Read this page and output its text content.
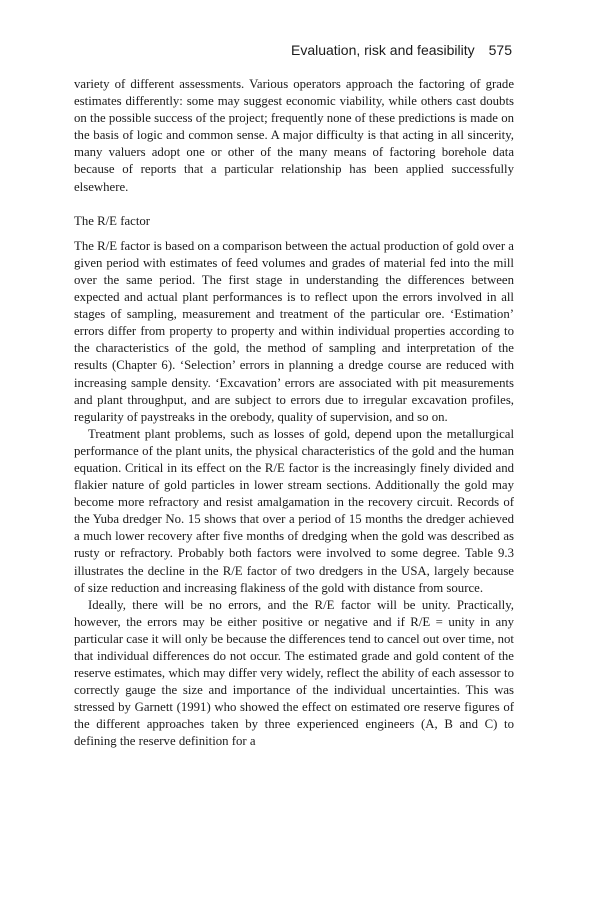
Evaluation, risk and feasibility 575

variety of different assessments. Various operators approach the factoring of grade estimates differently: some may suggest economic viability, while others cast doubts on the possible success of the project; frequently none of these predictions is made on the basis of logic and common sense. A major difficulty is that acting in all sincerity, many valuers adopt one or other of the many means of factoring borehole data because of reports that a particular relationship has been applied successfully elsewhere.

The R/E factor

The R/E factor is based on a comparison between the actual production of gold over a given period with estimates of feed volumes and grades of material fed into the mill over the same period. The first stage in understanding the differences between expected and actual plant performances is to reflect upon the errors involved in all stages of sampling, measurement and treatment of the particular ore. ‘Estimation’ errors differ from property to property and within individual properties according to the characteristics of the gold, the method of sampling and interpretation of the results (Chapter 6). ‘Selection’ errors in planning a dredge course are reduced with increasing sample density. ‘Excavation’ errors are associated with pit measurements and plant throughput, and are subject to errors due to irregular excavation profiles, regularity of paystreaks in the orebody, quality of supervision, and so on.

Treatment plant problems, such as losses of gold, depend upon the metallurgical performance of the plant units, the physical characteristics of the gold and the human equation. Critical in its effect on the R/E factor is the increasingly finely divided and flakier nature of gold particles in lower stream sections. Additionally the gold may become more refractory and resist amalgamation in the recovery circuit. Records of the Yuba dredger No. 15 shows that over a period of 15 months the dredger achieved a much lower recovery after five months of dredging when the gold was described as rusty or refractory. Probably both factors were involved to some degree. Table 9.3 illustrates the decline in the R/E factor of two dredgers in the USA, largely because of size reduction and increasing flakiness of the gold with distance from source.

Ideally, there will be no errors, and the R/E factor will be unity. Practically, however, the errors may be either positive or negative and if R/E = unity in any particular case it will only be because the differences tend to cancel out over time, not that individual differences do not occur. The estimated grade and gold content of the reserve estimates, which may differ very widely, reflect the ability of each assessor to correctly gauge the size and importance of the individual uncertainties. This was stressed by Garnett (1991) who showed the effect on estimated ore reserve figures of the different approaches taken by three experienced engineers (A, B and C) to defining the reserve definition for a
